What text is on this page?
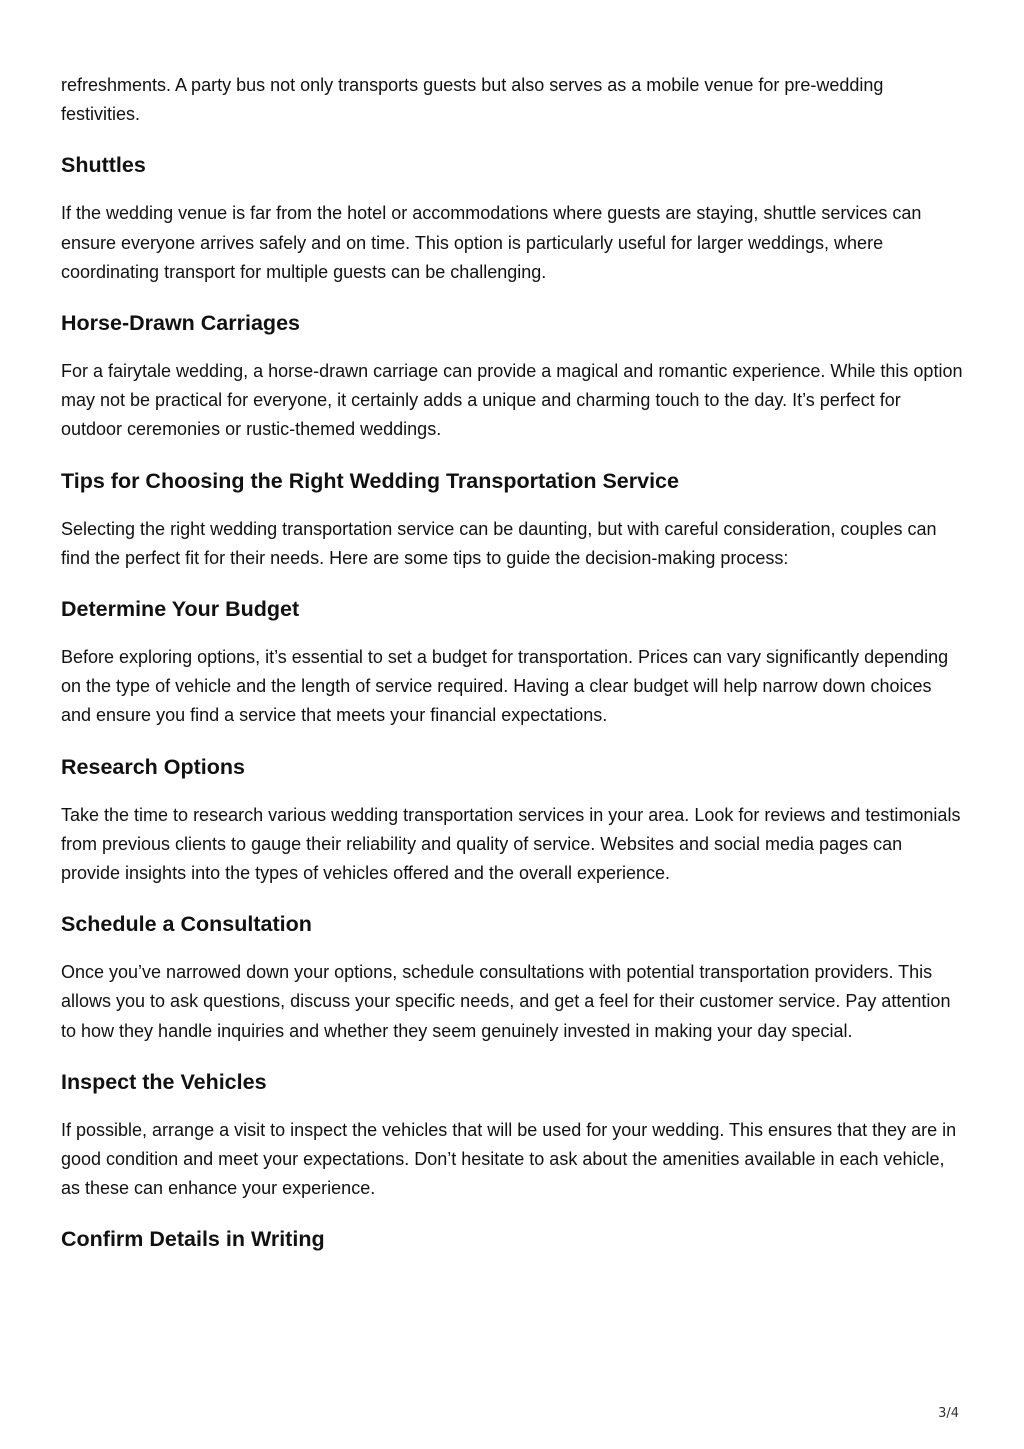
refreshments. A party bus not only transports guests but also serves as a mobile venue for pre-wedding festivities.

Shuttles

If the wedding venue is far from the hotel or accommodations where guests are staying, shuttle services can ensure everyone arrives safely and on time. This option is particularly useful for larger weddings, where coordinating transport for multiple guests can be challenging.

Horse-Drawn Carriages

For a fairytale wedding, a horse-drawn carriage can provide a magical and romantic experience. While this option may not be practical for everyone, it certainly adds a unique and charming touch to the day. It’s perfect for outdoor ceremonies or rustic-themed weddings.

Tips for Choosing the Right Wedding Transportation Service

Selecting the right wedding transportation service can be daunting, but with careful consideration, couples can find the perfect fit for their needs. Here are some tips to guide the decision-making process:

Determine Your Budget

Before exploring options, it’s essential to set a budget for transportation. Prices can vary significantly depending on the type of vehicle and the length of service required. Having a clear budget will help narrow down choices and ensure you find a service that meets your financial expectations.

Research Options

Take the time to research various wedding transportation services in your area. Look for reviews and testimonials from previous clients to gauge their reliability and quality of service. Websites and social media pages can provide insights into the types of vehicles offered and the overall experience.

Schedule a Consultation

Once you’ve narrowed down your options, schedule consultations with potential transportation providers. This allows you to ask questions, discuss your specific needs, and get a feel for their customer service. Pay attention to how they handle inquiries and whether they seem genuinely invested in making your day special.

Inspect the Vehicles

If possible, arrange a visit to inspect the vehicles that will be used for your wedding. This ensures that they are in good condition and meet your expectations. Don’t hesitate to ask about the amenities available in each vehicle, as these can enhance your experience.

Confirm Details in Writing
3/4
